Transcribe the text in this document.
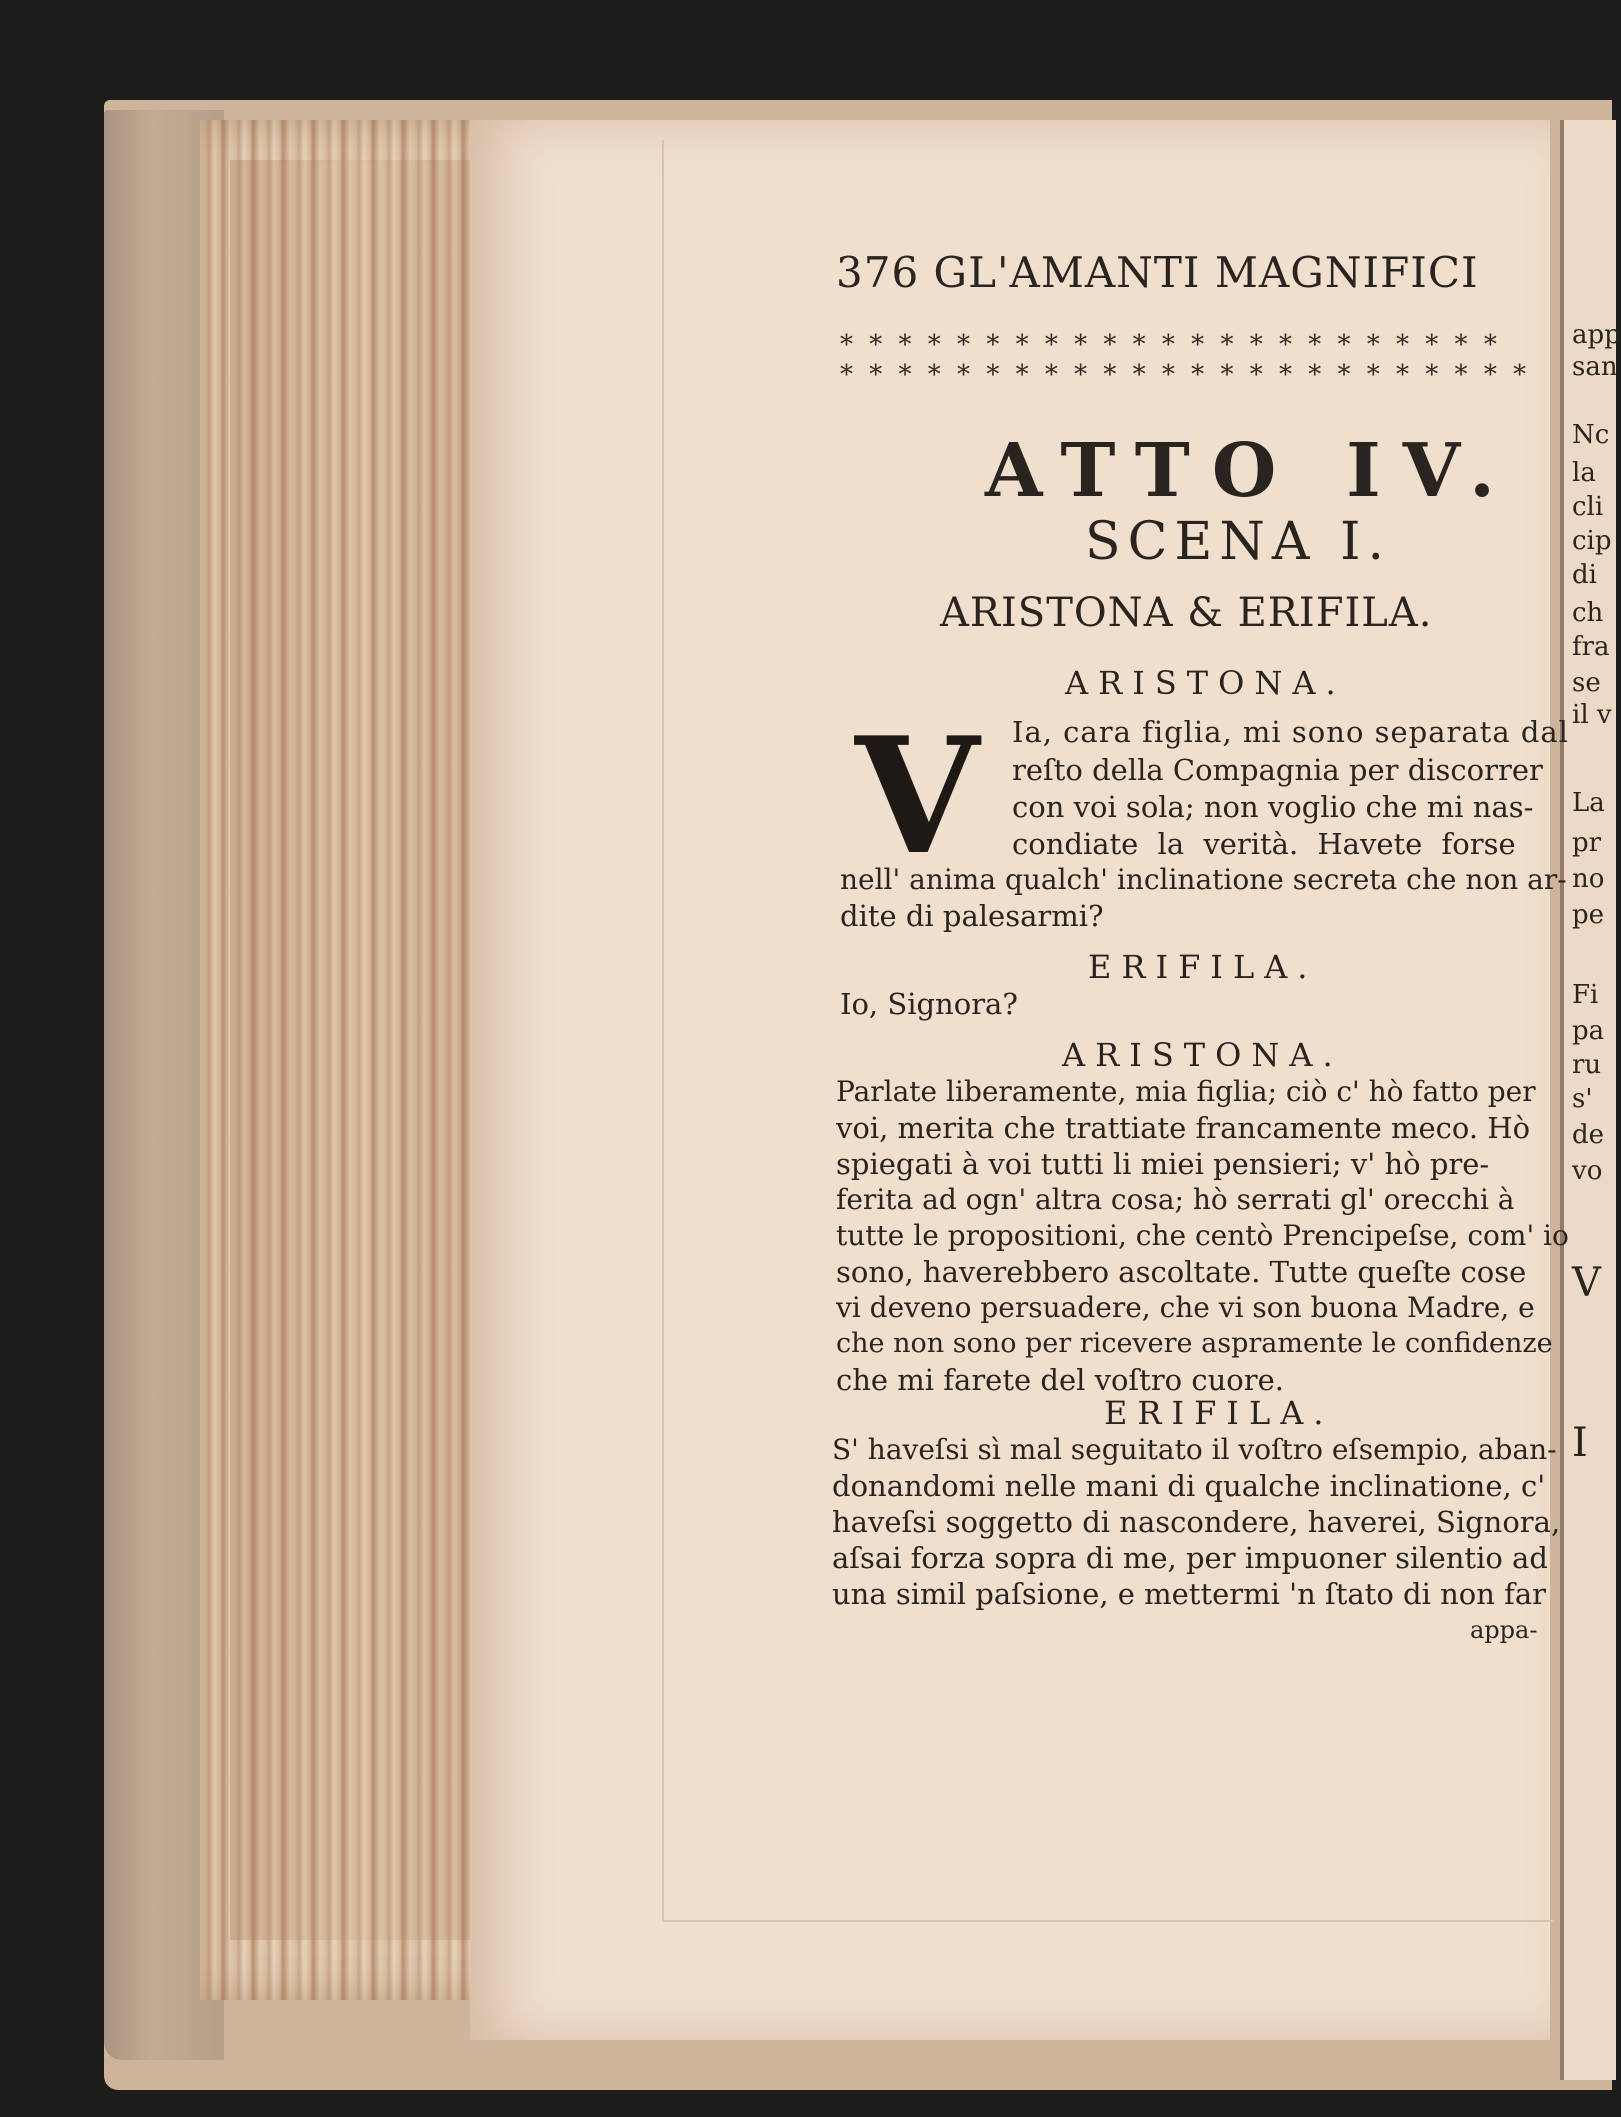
app
san
Nc
la
cli
cip
di
ch
fra
se
il v
La
pr
no
pe
Fi
pa
ru
s'
de
vo
V
I
376 GL'AMANTI MAGNIFICI
* * * * * * * * * * * * * * * * * * * * * * *
* * * * * * * * * * * * * * * * * * * * * * * *
ATTO IV.
SCENA I.
ARISTONA & ERIFILA.
ARISTONA.
V Ia, cara figlia, mi sono separata dal
reſto della Compagnia per discorrer
con voi sola; non voglio che mi nas-
condiate la verità. Havete forse
nell' anima qualch' inclinatione secreta che non ar-
dite di palesarmi?
ERIFILA.
Io, Signora?
ARISTONA.
Parlate liberamente, mia figlia; ciò c' hò fatto per
voi, merita che trattiate francamente meco. Hò
spiegati à voi tutti li miei pensieri; v' hò pre-
ferita ad ogn' altra cosa; hò serrati gl' orecchi à
tutte le propositioni, che centò Prencipeſse, com' io
sono, haverebbero ascoltate. Tutte queſte cose
vi deveno persuadere, che vi son buona Madre, e
che non sono per ricevere aspramente le confidenze
che mi farete del voſtro cuore.
ERIFILA.
S' haveſsi sì mal seguitato il voſtro eſsempio, aban-
donandomi nelle mani di qualche inclinatione, c'
haveſsi soggetto di nascondere, haverei, Signora,
aſsai forza sopra di me, per impuoner silentio ad
una simil paſsione, e mettermi 'n ſtato di non far
appa-
